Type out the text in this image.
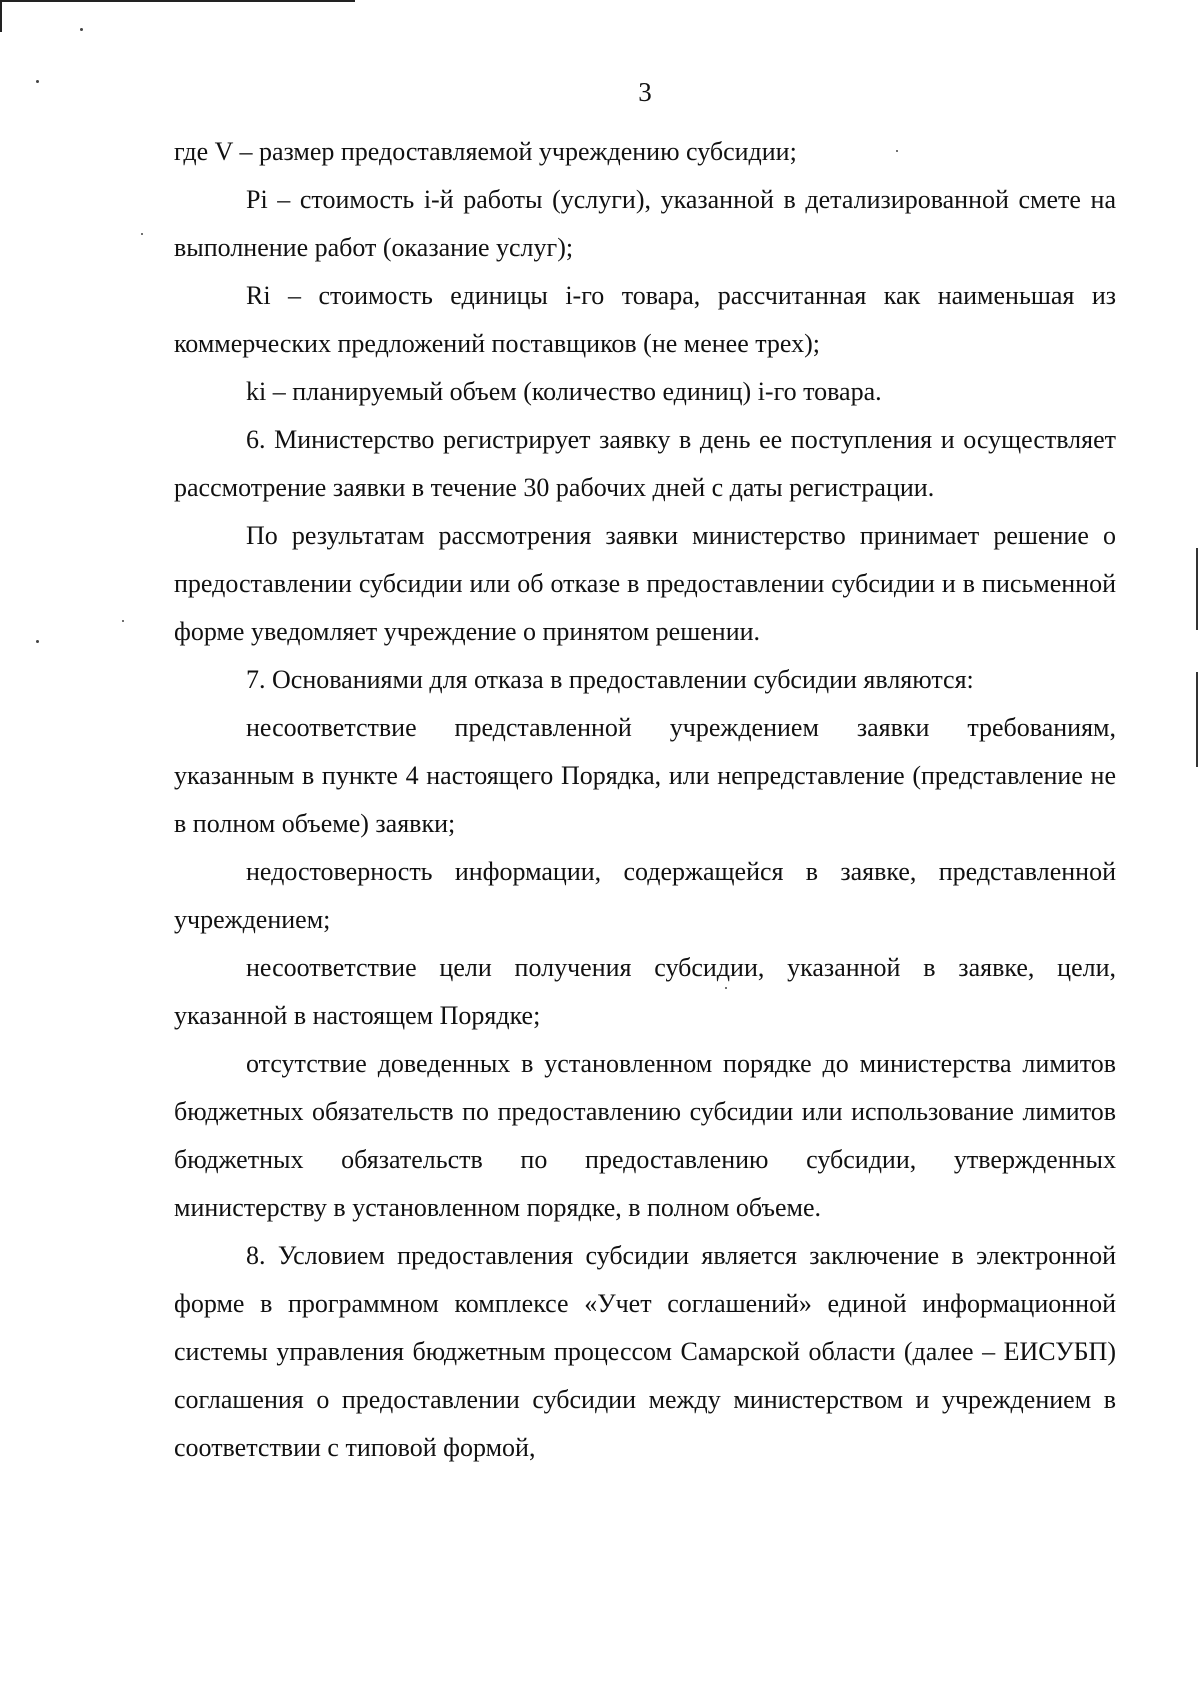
3

где V – размер предоставляемой учреждению субсидии;

Pi – стоимость i-й работы (услуги), указанной в детализированной смете на выполнение работ (оказание услуг);

Ri – стоимость единицы i-го товара, рассчитанная как наименьшая из коммерческих предложений поставщиков (не менее трех);

ki – планируемый объем (количество единиц) i-го товара.

6. Министерство регистрирует заявку в день ее поступления и осуществляет рассмотрение заявки в течение 30 рабочих дней с даты регистрации.

По результатам рассмотрения заявки министерство принимает решение о предоставлении субсидии или об отказе в предоставлении субсидии и в письменной форме уведомляет учреждение о принятом решении.

7. Основаниями для отказа в предоставлении субсидии являются:

несоответствие представленной учреждением заявки требованиям, указанным в пункте 4 настоящего Порядка, или непредставление (представление не в полном объеме) заявки;

недостоверность информации, содержащейся в заявке, представленной учреждением;

несоответствие цели получения субсидии, указанной в заявке, цели, указанной в настоящем Порядке;

отсутствие доведенных в установленном порядке до министерства лимитов бюджетных обязательств по предоставлению субсидии или использование лимитов бюджетных обязательств по предоставлению субсидии, утвержденных министерству в установленном порядке, в полном объеме.

8. Условием предоставления субсидии является заключение в электронной форме в программном комплексе «Учет соглашений» единой информационной системы управления бюджетным процессом Самарской области (далее – ЕИСУБП) соглашения о предоставлении субсидии между министерством и учреждением в соответствии с типовой формой,
